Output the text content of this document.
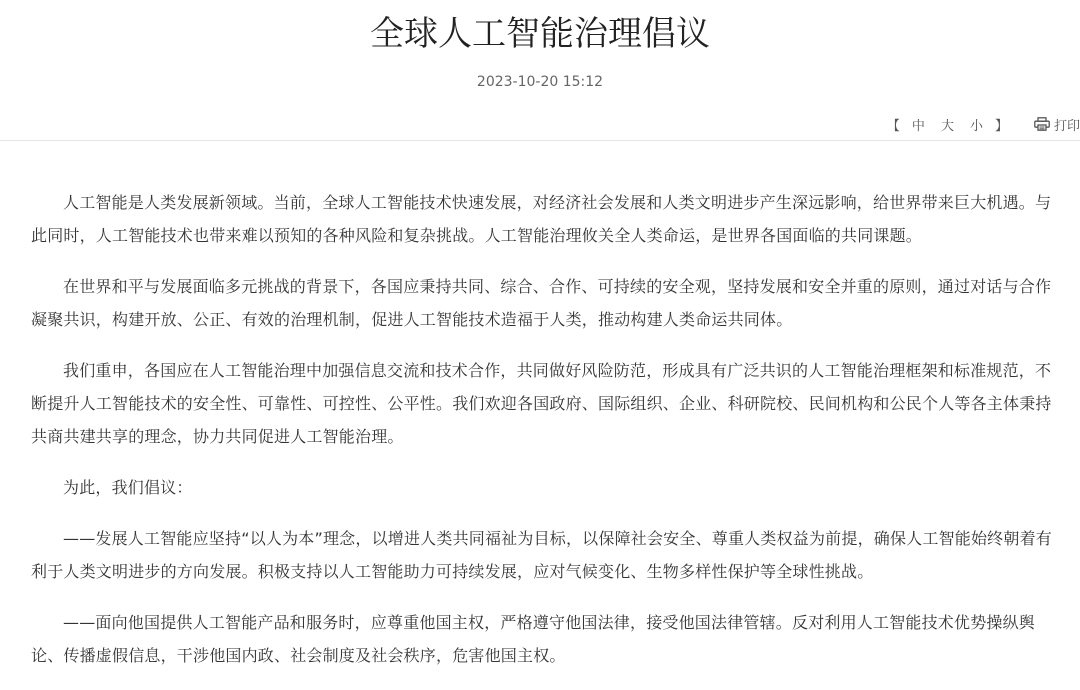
全球人工智能治理倡议
2023-10-20 15:12
【 中 大 小 】	打印

人工智能是人类发展新领域。当前，全球人工智能技术快速发展，对经济社会发展和人类文明进步产生深远影响，给世界带来巨大机遇。与此同时，人工智能技术也带来难以预知的各种风险和复杂挑战。人工智能治理攸关全人类命运，是世界各国面临的共同课题。

在世界和平与发展面临多元挑战的背景下，各国应秉持共同、综合、合作、可持续的安全观，坚持发展和安全并重的原则，通过对话与合作凝聚共识，构建开放、公正、有效的治理机制，促进人工智能技术造福于人类，推动构建人类命运共同体。

我们重申，各国应在人工智能治理中加强信息交流和技术合作，共同做好风险防范，形成具有广泛共识的人工智能治理框架和标准规范，不断提升人工智能技术的安全性、可靠性、可控性、公平性。我们欢迎各国政府、国际组织、企业、科研院校、民间机构和公民个人等各主体秉持共商共建共享的理念，协力共同促进人工智能治理。

为此，我们倡议：

——发展人工智能应坚持“以人为本”理念，以增进人类共同福祉为目标，以保障社会安全、尊重人类权益为前提，确保人工智能始终朝着有利于人类文明进步的方向发展。积极支持以人工智能助力可持续发展，应对气候变化、生物多样性保护等全球性挑战。

——面向他国提供人工智能产品和服务时，应尊重他国主权，严格遵守他国法律，接受他国法律管辖。反对利用人工智能技术优势操纵舆论、传播虚假信息，干涉他国内政、社会制度及社会秩序，危害他国主权。
